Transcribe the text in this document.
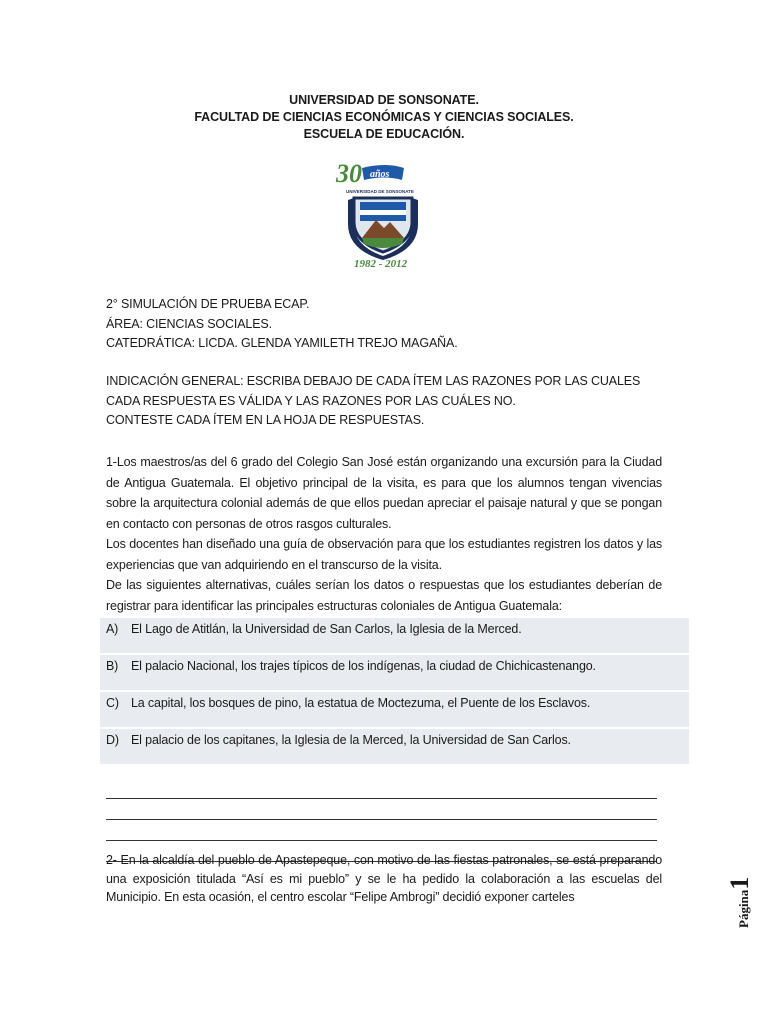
UNIVERSIDAD DE SONSONATE.
FACULTAD DE CIENCIAS ECONÓMICAS Y CIENCIAS SOCIALES.
ESCUELA DE EDUCACIÓN.
30 años
UNIVERSIDAD DE SONSONATE
1982 - 2012
2° SIMULACIÓN DE PRUEBA ECAP.
ÁREA: CIENCIAS SOCIALES.
CATEDRÁTICA: LICDA. GLENDA YAMILETH TREJO MAGAÑA.
INDICACIÓN GENERAL: ESCRIBA DEBAJO DE CADA ÍTEM LAS RAZONES POR LAS CUALES
CADA RESPUESTA ES VÁLIDA Y LAS RAZONES POR LAS CUÁLES NO.
CONTESTE CADA ÍTEM EN LA HOJA DE RESPUESTAS.
1-Los maestros/as del 6 grado del Colegio San José están organizando una excursión para la Ciudad de Antigua Guatemala. El objetivo principal de la visita, es para que los alumnos tengan vivencias sobre la arquitectura colonial además de que ellos puedan apreciar el paisaje natural y que se pongan en contacto con personas de otros rasgos culturales.
Los docentes han diseñado una guía de observación para que los estudiantes registren los datos y las experiencias que van adquiriendo en el transcurso de la visita.
De las siguientes alternativas, cuáles serían los datos o respuestas que los estudiantes deberían de registrar para identificar las principales estructuras coloniales de Antigua Guatemala:
A)	El Lago de Atitlán, la Universidad de San Carlos, la Iglesia de la Merced.
B)	El palacio Nacional, los trajes típicos de los indígenas, la ciudad de Chichicastenango.
C) La capital, los bosques de pino, la estatua de Moctezuma, el Puente de los Esclavos.
D) El palacio de los capitanes, la Iglesia de la Merced, la Universidad de San Carlos.
2- En la alcaldía del pueblo de Apastepeque, con motivo de las fiestas patronales, se está preparando una exposición titulada “Así es mi pueblo” y se le ha pedido la colaboración a las escuelas del Municipio. En esta ocasión, el centro escolar “Felipe Ambrogi” decidió exponer carteles	Página1
